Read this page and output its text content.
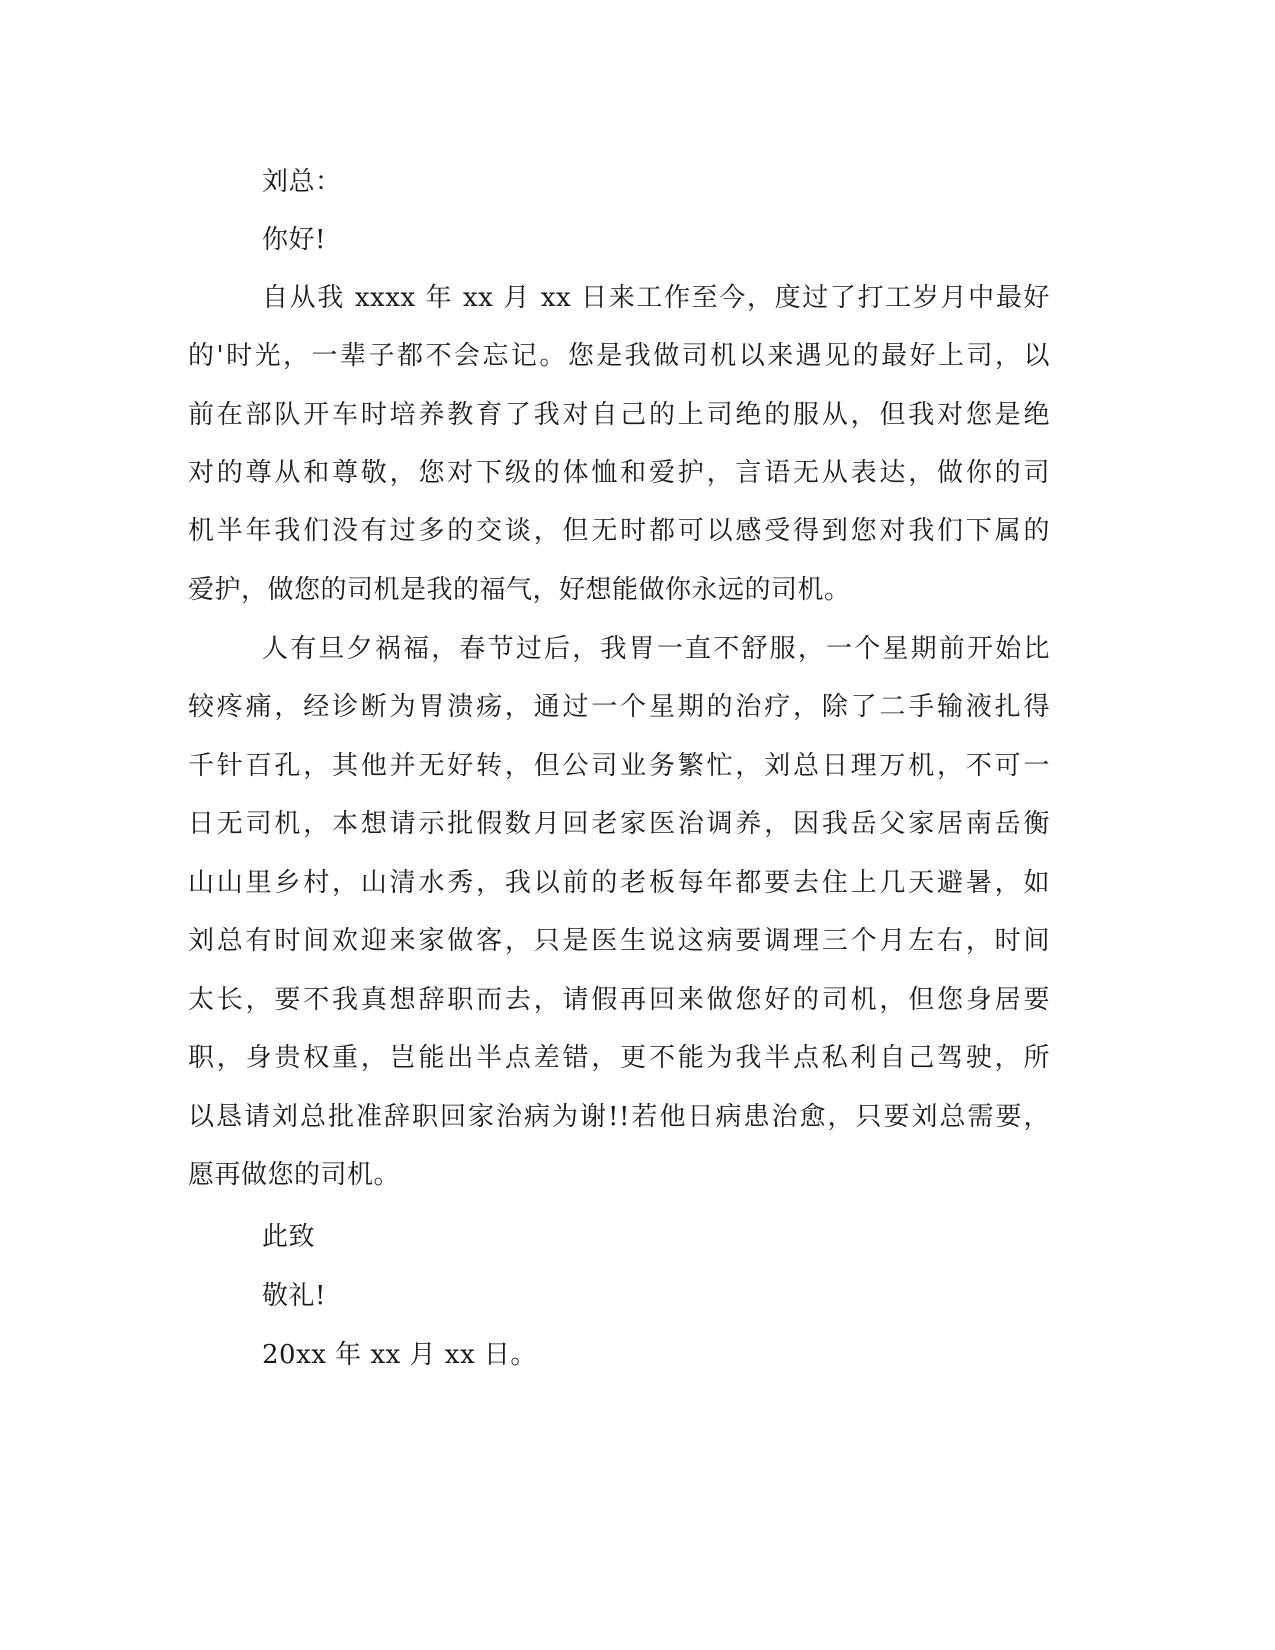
刘总：
你好!
自从我 xxxx 年 xx 月 xx 日来工作至今，度过了打工岁月中最好
的'时光，一辈子都不会忘记。您是我做司机以来遇见的最好上司，以
前在部队开车时培养教育了我对自己的上司绝的服从，但我对您是绝
对的尊从和尊敬，您对下级的体恤和爱护，言语无从表达，做你的司
机半年我们没有过多的交谈，但无时都可以感受得到您对我们下属的
爱护，做您的司机是我的福气，好想能做你永远的司机。
人有旦夕祸福，春节过后，我胃一直不舒服，一个星期前开始比
较疼痛，经诊断为胃溃疡，通过一个星期的治疗，除了二手输液扎得
千针百孔，其他并无好转，但公司业务繁忙，刘总日理万机，不可一
日无司机，本想请示批假数月回老家医治调养，因我岳父家居南岳衡
山山里乡村，山清水秀，我以前的老板每年都要去住上几天避暑，如
刘总有时间欢迎来家做客，只是医生说这病要调理三个月左右，时间
太长，要不我真想辞职而去，请假再回来做您好的司机，但您身居要
职，身贵权重，岂能出半点差错，更不能为我半点私利自己驾驶，所
以恳请刘总批准辞职回家治病为谢!!若他日病患治愈，只要刘总需要，
愿再做您的司机。
此致
敬礼!
20xx 年 xx 月 xx 日。
